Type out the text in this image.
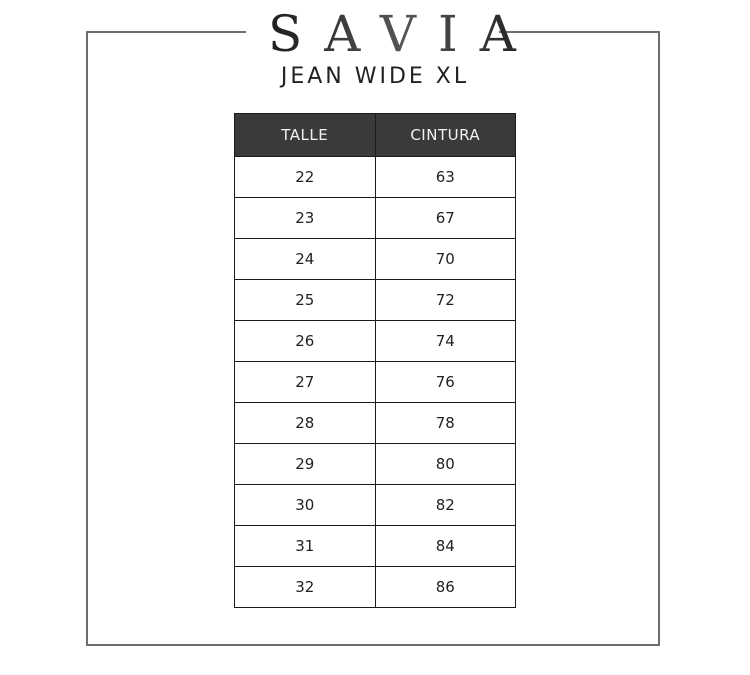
SAVIA
JEAN WIDE XL
TALLE	CINTURA
22	63
23	67
24	70
25	72
26	74
27	76
28	78
29	80
30	82
31	84
32	86
